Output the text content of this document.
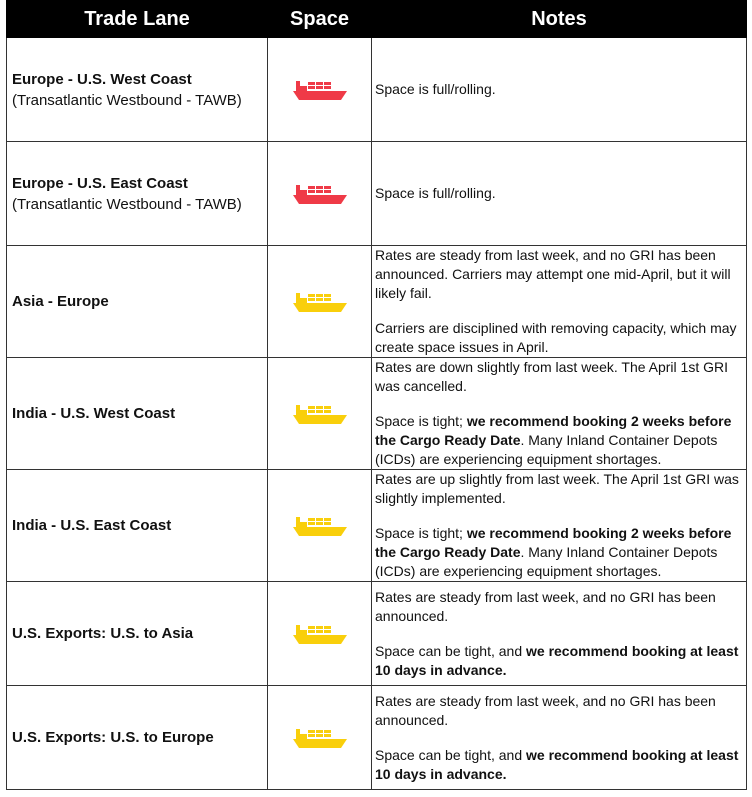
Trade Lane	Space	Notes

Europe - U.S. West Coast
(Transatlantic Westbound - TAWB)		Space is full/rolling.

Europe - U.S. East Coast
(Transatlantic Westbound - TAWB)		Space is full/rolling.

Asia - Europe		Rates are steady from last week, and no GRI has been announced. Carriers may attempt one mid-April, but it will likely fail.
Carriers are disciplined with removing capacity, which may create space issues in April.

India - U.S. West Coast		Rates are down slightly from last week. The April 1st GRI was cancelled.
Space is tight; we recommend booking 2 weeks before the Cargo Ready Date. Many Inland Container Depots (ICDs) are experiencing equipment shortages.

India - U.S. East Coast		Rates are up slightly from last week. The April 1st GRI was slightly implemented.
Space is tight; we recommend booking 2 weeks before the Cargo Ready Date. Many Inland Container Depots (ICDs) are experiencing equipment shortages.

U.S. Exports: U.S. to Asia		Rates are steady from last week, and no GRI has been announced.
Space can be tight, and we recommend booking at least 10 days in advance.

U.S. Exports: U.S. to Europe		Rates are steady from last week, and no GRI has been announced.
Space can be tight, and we recommend booking at least 10 days in advance.
